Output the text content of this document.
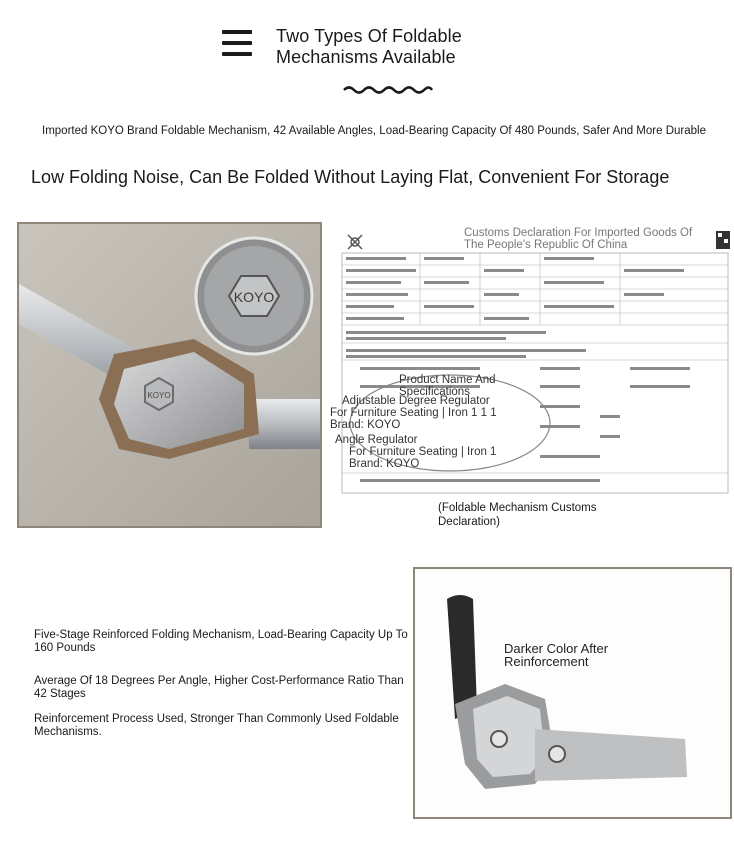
Two Types Of Foldable
Mechanisms Available
Imported KOYO Brand Foldable Mechanism, 42 Available Angles, Load-Bearing Capacity Of 480 Pounds, Safer And More Durable
Low Folding Noise, Can Be Folded Without Laying Flat, Convenient For Storage
KOYO
KOYO
Customs Declaration For Imported Goods Of
The People's Republic Of China
Product Name And
Specifications
Adjustable Degree Regulator
For Furniture Seating | Iron 1 1 1
Brand: KOYO
Angle Regulator
For Furniture Seating | Iron 1
Brand: KOYO
(Foldable Mechanism Customs Declaration)
Five-Stage Reinforced Folding Mechanism, Load-Bearing Capacity Up To 160 Pounds
Average Of 18 Degrees Per Angle, Higher Cost-Performance Ratio Than 42 Stages
Reinforcement Process Used, Stronger Than Commonly Used Foldable Mechanisms.
Darker Color After Reinforcement
